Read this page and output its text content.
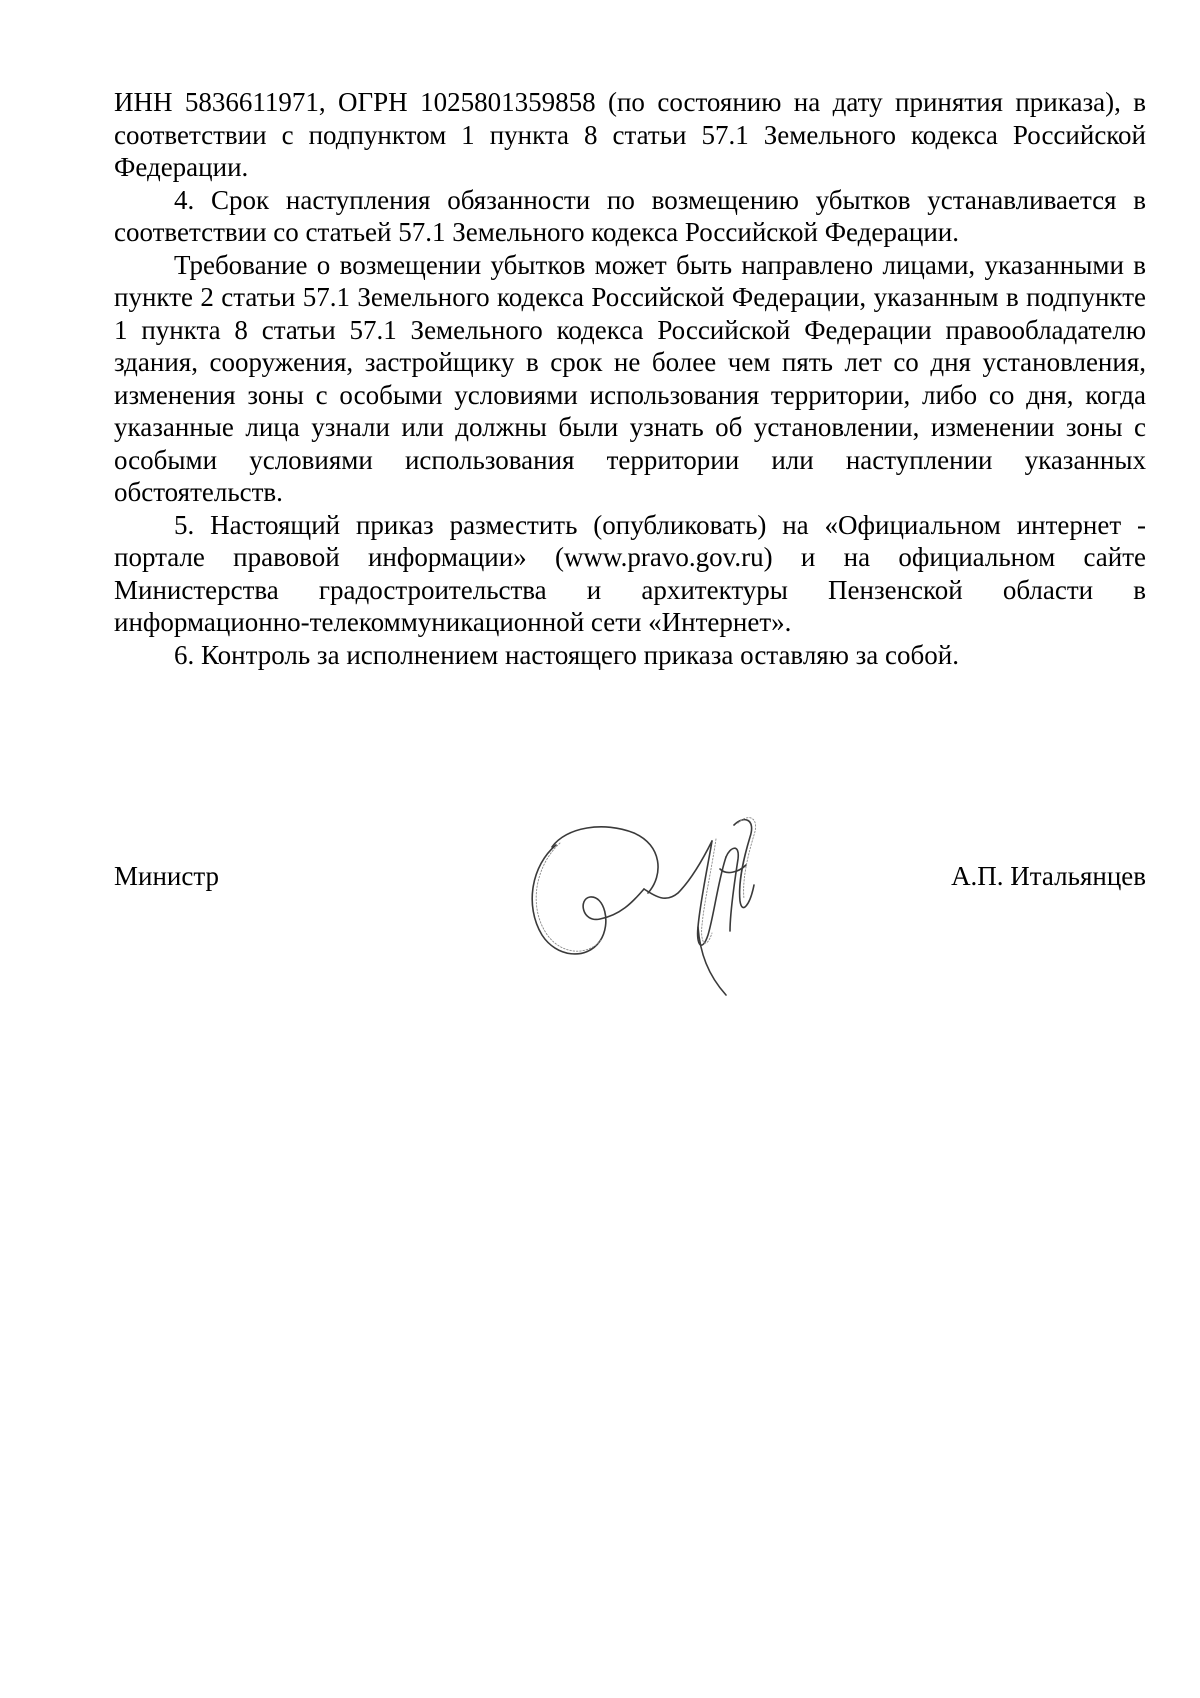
ИНН 5836611971, ОГРН 1025801359858 (по состоянию на дату принятия приказа), в соответствии с подпунктом 1 пункта 8 статьи 57.1 Земельного кодекса Российской Федерации.

4. Срок наступления обязанности по возмещению убытков устанавливается в соответствии со статьей 57.1 Земельного кодекса Российской Федерации.

Требование о возмещении убытков может быть направлено лицами, указанными в пункте 2 статьи 57.1 Земельного кодекса Российской Федерации, указанным в подпункте 1 пункта 8 статьи 57.1 Земельного кодекса Российской Федерации правообладателю здания, сооружения, застройщику в срок не более чем пять лет со дня установления, изменения зоны с особыми условиями использования территории, либо со дня, когда указанные лица узнали или должны были узнать об установлении, изменении зоны с особыми условиями использования территории или наступлении указанных обстоятельств.

5. Настоящий приказ разместить (опубликовать) на «Официальном интернет - портале правовой информации» (www.pravo.gov.ru) и на официальном сайте Министерства градостроительства и архитектуры Пензенской области в информационно-телекоммуникационной сети «Интернет».

6. Контроль за исполнением настоящего приказа оставляю за собой.

Министр	А.П. Итальянцев
